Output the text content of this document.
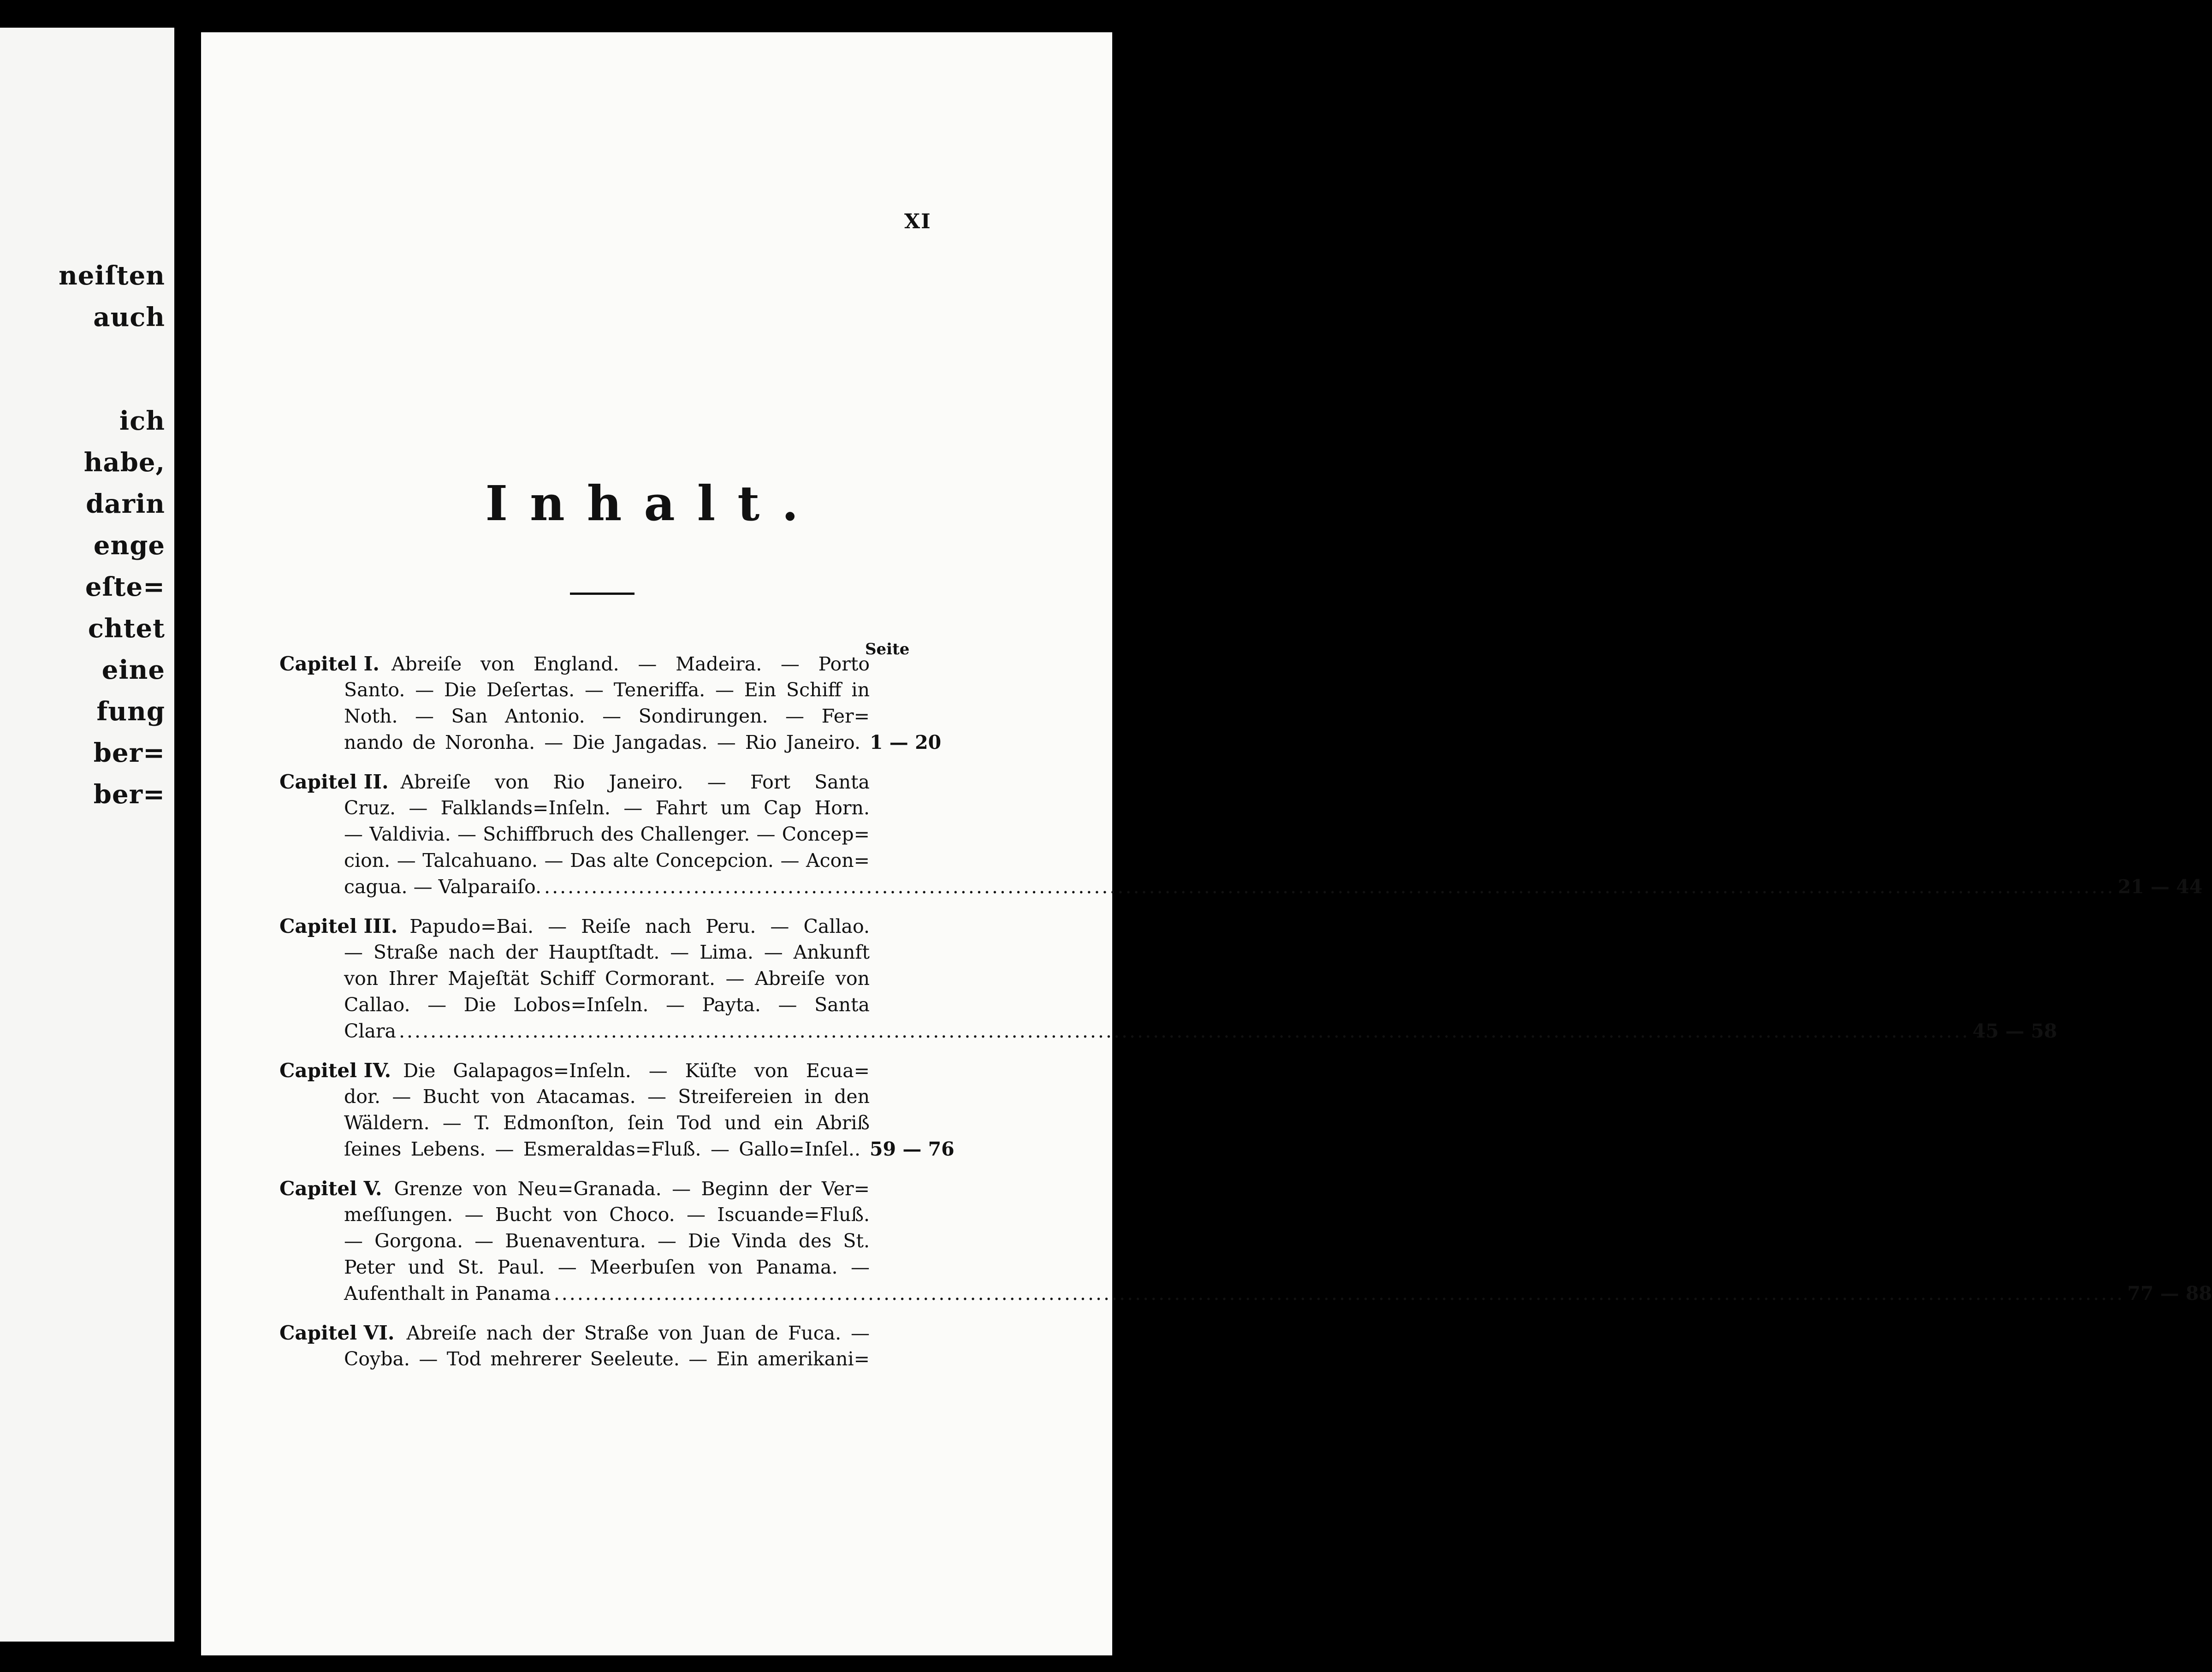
neiſten
auch
ich
habe,
darin
enge
eſte=
chtet
eine
fung
ber=
ber=
XI
Inhalt.
Seite
Capitel I. Abreiſe von England. — Madeira. — Porto
Santo. — Die Deſertas. — Teneriffa. — Ein Schiff in
Noth. — San Antonio. — Sondirungen. — Fer=
nando de Noronha. — Die Jangadas. — Rio Janeiro. 1 — 20
Capitel II. Abreiſe von Rio Janeiro. — Fort Santa
Cruz. — Falklands=Inſeln. — Fahrt um Cap Horn.
— Valdivia. — Schiffbruch des Challenger. — Concep=
cion. — Talcahuano. — Das alte Concepcion. — Acon=
cagua. — Valparaiſo. ........................................................................................................................................................................................................ 21 — 44
Capitel III. Papudo=Bai. — Reiſe nach Peru. — Callao.
— Straße nach der Hauptſtadt. — Lima. — Ankunft
von Ihrer Majeſtät Schiff Cormorant. — Abreiſe von
Callao. — Die Lobos=Inſeln. — Payta. — Santa
Clara ........................................................................................................................................................................................................ 45 — 58
Capitel IV. Die Galapagos=Inſeln. — Küſte von Ecua=
dor. — Bucht von Atacamas. — Streifereien in den
Wäldern. — T. Edmonſton, ſein Tod und ein Abriß
ſeines Lebens. — Esmeraldas=Fluß. — Gallo=Inſel.. 59 — 76
Capitel V. Grenze von Neu=Granada. — Beginn der Ver=
meſſungen. — Bucht von Choco. — Iscuande=Fluß.
— Gorgona. — Buenaventura. — Die Vinda des St.
Peter und St. Paul. — Meerbuſen von Panama. —
Aufenthalt in Panama ........................................................................................................................................................................................................ 77 — 88
Capitel VI. Abreiſe nach der Straße von Juan de Fuca. —
Coyba. — Tod mehrerer Seeleute. — Ein amerikani=
